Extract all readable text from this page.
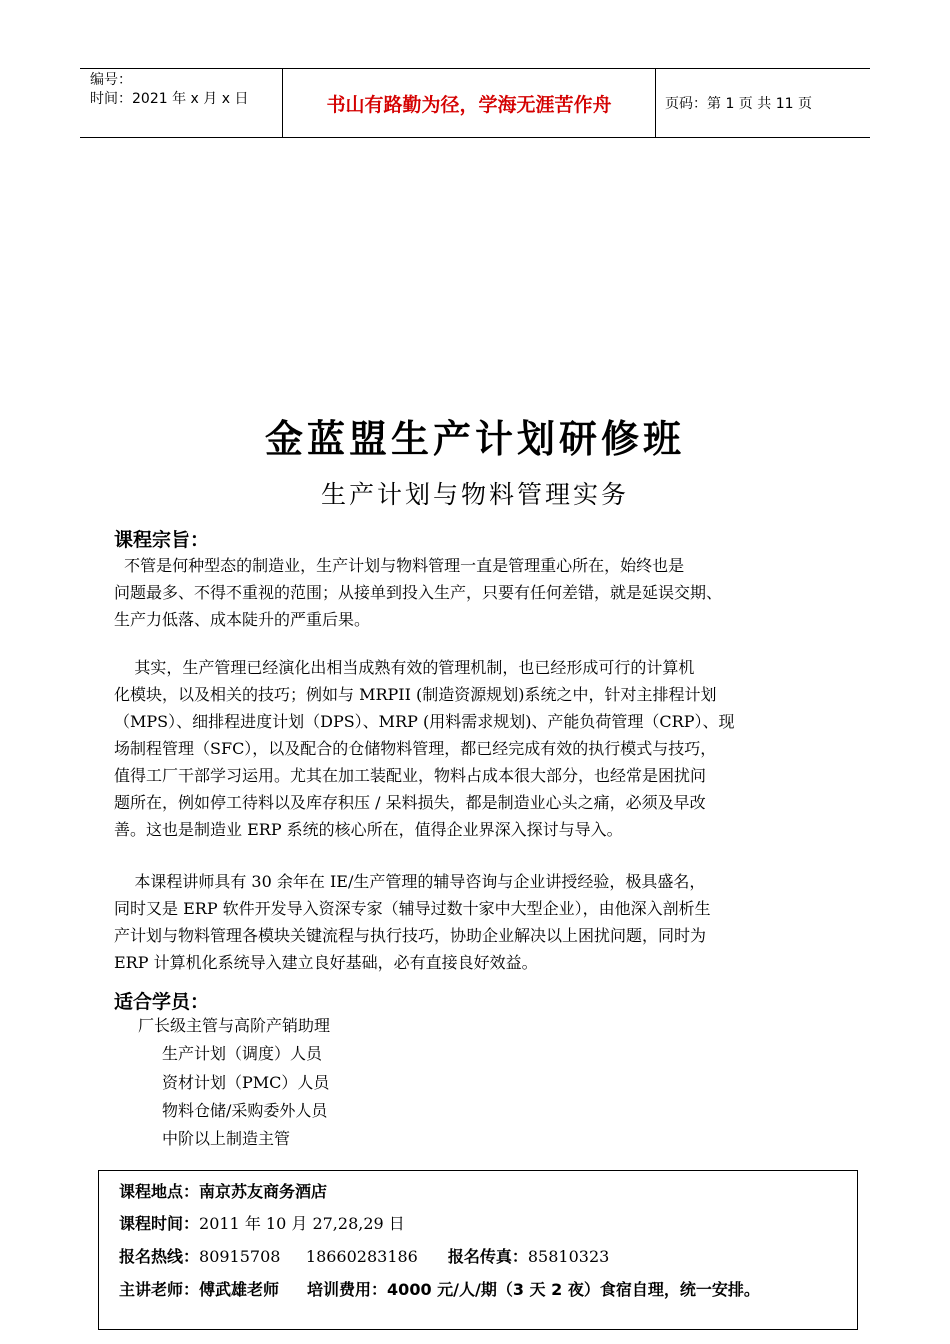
编号：
时间：2021 年 x 月 x 日	书山有路勤为径，学海无涯苦作舟	页码：第 1 页 共 11 页
金蓝盟生产计划研修班
生产计划与物料管理实务
课程宗旨：
不管是何种型态的制造业，生产计划与物料管理一直是管理重心所在，始终也是
问题最多、不得不重视的范围；从接单到投入生产，只要有任何差错，就是延误交期、
生产力低落、成本陡升的严重后果。
其实，生产管理已经演化出相当成熟有效的管理机制，也已经形成可行的计算机
化模块，以及相关的技巧；例如与 MRPII (制造资源规划)系统之中，针对主排程计划
（MPS）、细排程进度计划（DPS）、MRP (用料需求规划)、产能负荷管理（CRP）、现
场制程管理（SFC），以及配合的仓储物料管理，都已经完成有效的执行模式与技巧，
值得工厂干部学习运用。尤其在加工装配业，物料占成本很大部分，也经常是困扰问
题所在，例如停工待料以及库存积压 / 呆料损失，都是制造业心头之痛，必须及早改
善。这也是制造业 ERP 系统的核心所在，值得企业界深入探讨与导入。
本课程讲师具有 30 余年在 IE/生产管理的辅导咨询与企业讲授经验，极具盛名，
同时又是 ERP 软件开发导入资深专家（辅导过数十家中大型企业），由他深入剖析生
产计划与物料管理各模块关键流程与执行技巧，协助企业解决以上困扰问题，同时为
ERP 计算机化系统导入建立良好基础，必有直接良好效益。
适合学员：
厂长级主管与高阶产销助理
生产计划（调度）人员
资材计划（PMC）人员
物料仓储/采购委外人员
中阶以上制造主管
课程地点：南京苏友商务酒店
课程时间：2011 年 10 月 27,28,29 日
报名热线：80915708     18660283186 报名传真：85810323
主讲老师：傅武雄老师 培训费用：4000 元/人/期（3 天 2 夜）食宿自理，统一安排。
